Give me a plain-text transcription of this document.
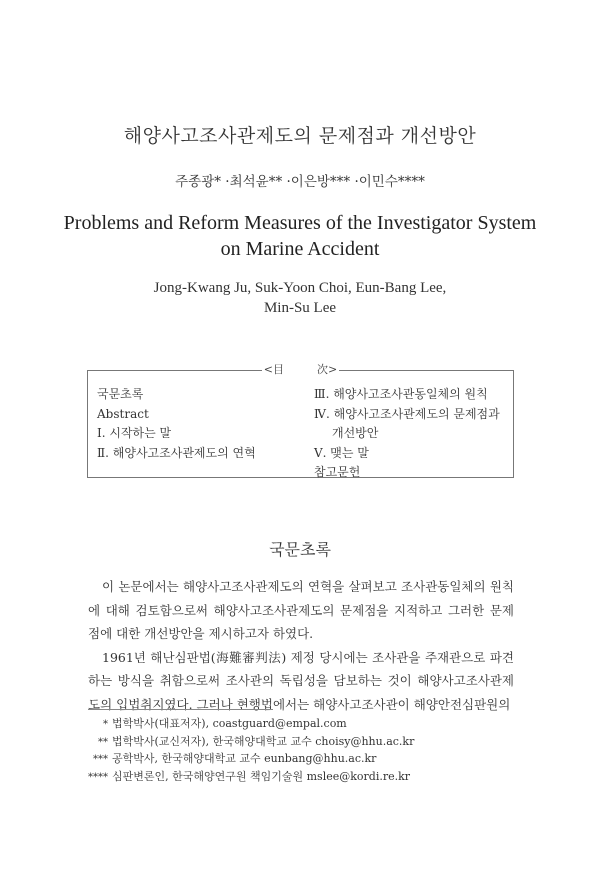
해양사고조사관제도의 문제점과 개선방안
주종광* ·최석윤** ·이은방*** ·이민수****
Problems and Reform Measures of the Investigator System
on Marine Accident
Jong-Kwang Ju, Suk-Yoon Choi, Eun-Bang Lee,
Min-Su Lee
<目　　　次>
국문초록
Abstract
Ⅰ. 시작하는 말
Ⅱ. 해양사고조사관제도의 연혁
Ⅲ. 해양사고조사관동일체의 원칙
Ⅳ. 해양사고조사관제도의 문제점과
개선방안
Ⅴ. 맺는 말
참고문헌
국문초록

이 논문에서는 해양사고조사관제도의 연혁을 살펴보고 조사관동일체의 원칙에 대해 검토함으로써 해양사고조사관제도의 문제점을 지적하고 그러한 문제점에 대한 개선방안을 제시하고자 하였다.

1961년 해난심판법(海難審判法) 제정 당시에는 조사관을 주재관으로 파견하는 방식을 취함으로써 조사관의 독립성을 담보하는 것이 해양사고조사관제도의 입법취지였다. 그러나 현행법에서는 해양사고조사관이 해양안전심판원의

* 법학박사(대표저자), coastguard@empal.com
** 법학박사(교신저자), 한국해양대학교 교수 choisy@hhu.ac.kr
*** 공학박사, 한국해양대학교 교수 eunbang@hhu.ac.kr
**** 심판변론인, 한국해양연구원 책임기술원 mslee@kordi.re.kr
